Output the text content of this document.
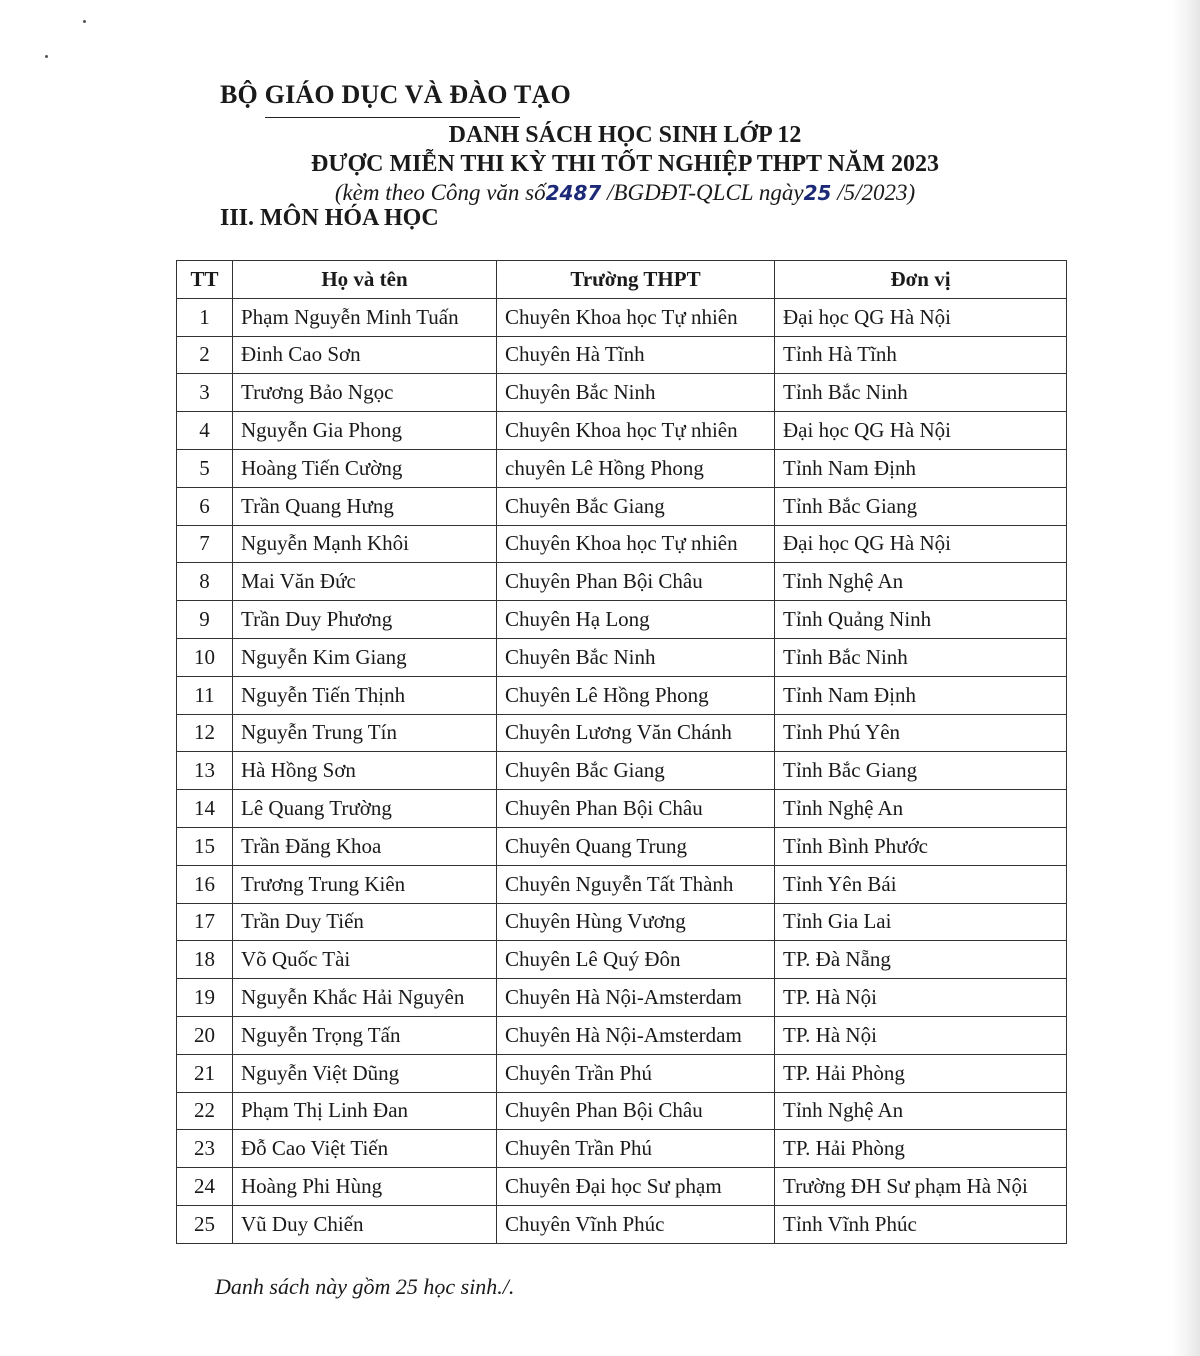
BỘ GIÁO DỤC VÀ ĐÀO TẠO
DANH SÁCH HỌC SINH LỚP 12
ĐƯỢC MIỄN THI KỲ THI TỐT NGHIỆP THPT NĂM 2023
(kèm theo Công văn số2487 /BGDĐT-QLCL ngày25 /5/2023)
III. MÔN HÓA HỌC
TT	Họ và tên	Trường THPT	Đơn vị
1	Phạm Nguyễn Minh Tuấn	Chuyên Khoa học Tự nhiên	Đại học QG Hà Nội
2	Đinh Cao Sơn	Chuyên Hà Tĩnh	Tỉnh Hà Tĩnh
3	Trương Bảo Ngọc	Chuyên Bắc Ninh	Tỉnh Bắc Ninh
4	Nguyễn Gia Phong	Chuyên Khoa học Tự nhiên	Đại học QG Hà Nội
5	Hoàng Tiến Cường	chuyên Lê Hồng Phong	Tỉnh Nam Định
6	Trần Quang Hưng	Chuyên Bắc Giang	Tỉnh Bắc Giang
7	Nguyễn Mạnh Khôi	Chuyên Khoa học Tự nhiên	Đại học QG Hà Nội
8	Mai Văn Đức	Chuyên Phan Bội Châu	Tỉnh Nghệ An
9	Trần Duy Phương	Chuyên Hạ Long	Tỉnh Quảng Ninh
10	Nguyễn Kim Giang	Chuyên Bắc Ninh	Tỉnh Bắc Ninh
11	Nguyễn Tiến Thịnh	Chuyên Lê Hồng Phong	Tỉnh Nam Định
12	Nguyễn Trung Tín	Chuyên Lương Văn Chánh	Tỉnh Phú Yên
13	Hà Hồng Sơn	Chuyên Bắc Giang	Tỉnh Bắc Giang
14	Lê Quang Trường	Chuyên Phan Bội Châu	Tỉnh Nghệ An
15	Trần Đăng Khoa	Chuyên Quang Trung	Tỉnh Bình Phước
16	Trương Trung Kiên	Chuyên Nguyễn Tất Thành	Tỉnh Yên Bái
17	Trần Duy Tiến	Chuyên Hùng Vương	Tỉnh Gia Lai
18	Võ Quốc Tài	Chuyên Lê Quý Đôn	TP. Đà Nẵng
19	Nguyễn Khắc Hải Nguyên	Chuyên Hà Nội-Amsterdam	TP. Hà Nội
20	Nguyễn Trọng Tấn	Chuyên Hà Nội-Amsterdam	TP. Hà Nội
21	Nguyễn Việt Dũng	Chuyên Trần Phú	TP. Hải Phòng
22	Phạm Thị Linh Đan	Chuyên Phan Bội Châu	Tỉnh Nghệ An
23	Đỗ Cao Việt Tiến	Chuyên Trần Phú	TP. Hải Phòng
24	Hoàng Phi Hùng	Chuyên Đại học Sư phạm	Trường ĐH Sư phạm Hà Nội
25	Vũ Duy Chiến	Chuyên Vĩnh Phúc	Tỉnh Vĩnh Phúc
Danh sách này gồm 25 học sinh./.
